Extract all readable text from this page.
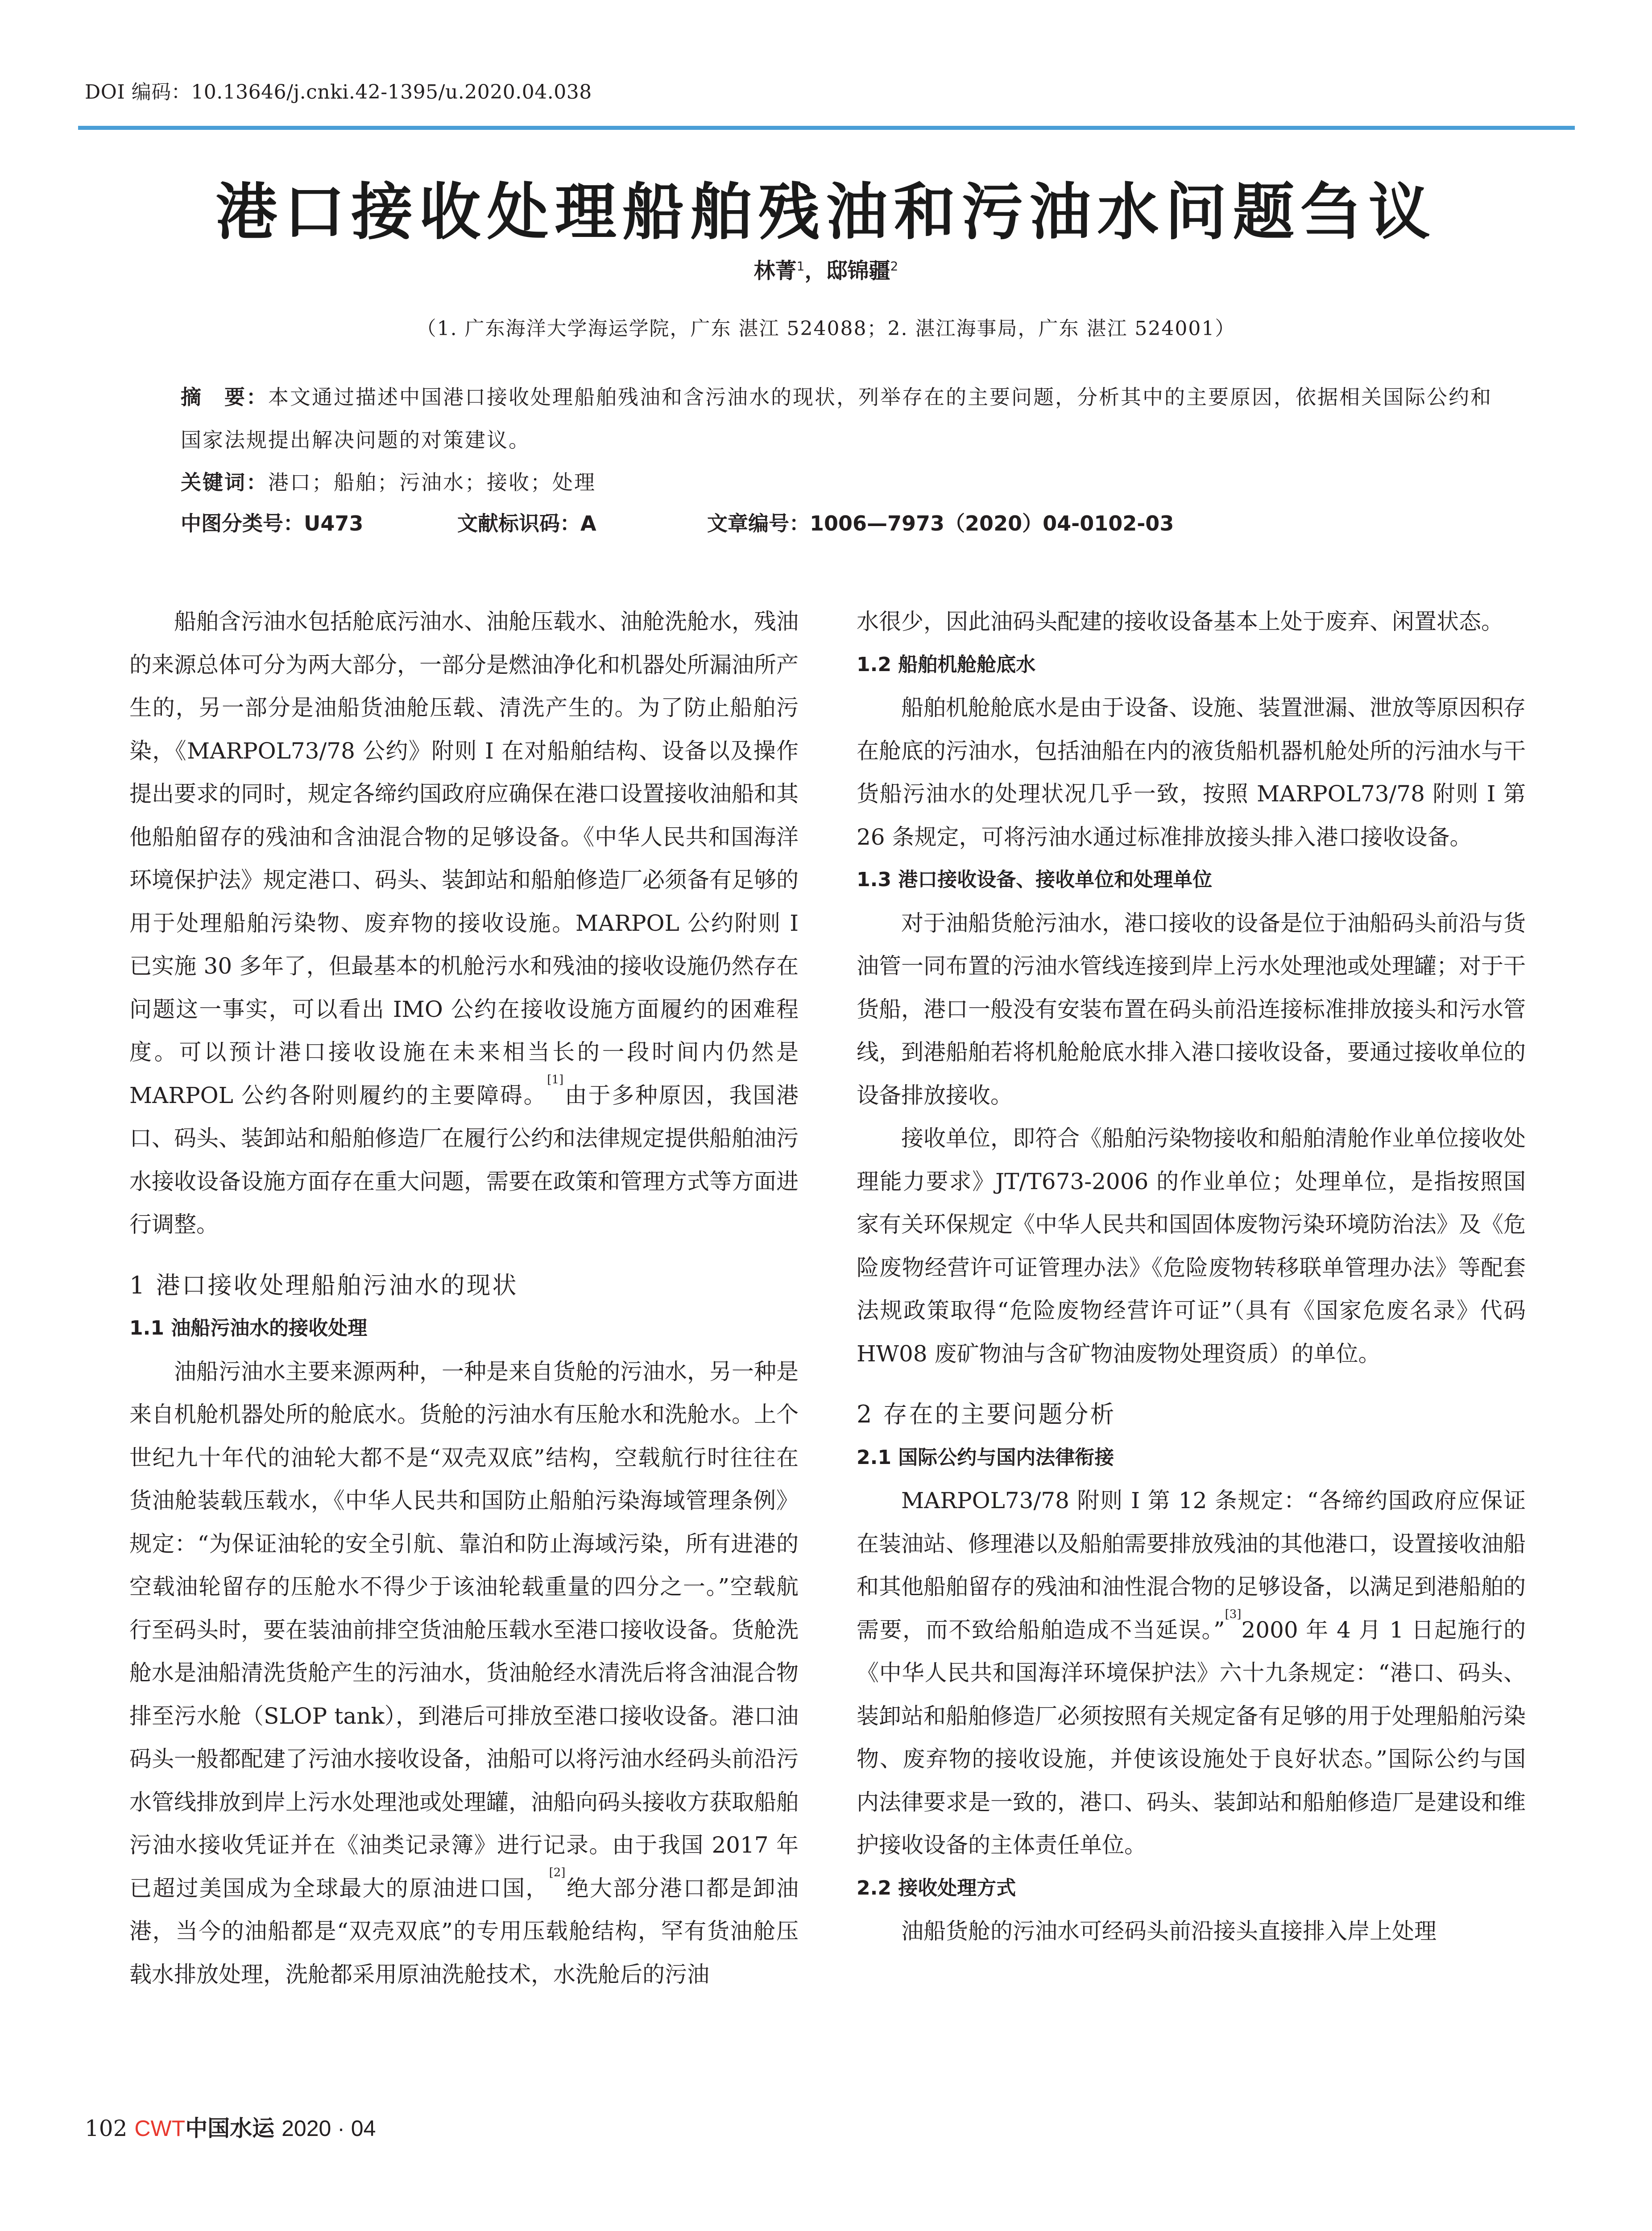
DOI 编码：10.13646/j.cnki.42-1395/u.2020.04.038
港口接收处理船舶残油和污油水问题刍议
林菁$^1$，邸锦疆$^2$
（1. 广东海洋大学海运学院，广东 湛江 524088；2. 湛江海事局，广东 湛江 524001）
摘　要：本文通过描述中国港口接收处理船舶残油和含污油水的现状，列举存在的主要问题，分析其中的主要原因，依据相关国际公约和国家法规提出解决问题的对策建议。
关键词：港口；船舶；污油水；接收；处理
中图分类号：U473	文献标识码：A	文章编号：1006—7973（2020）04-0102-03

船舶含污油水包括舱底污油水、油舱压载水、油舱洗舱水，残油的来源总体可分为两大部分，一部分是燃油净化和机器处所漏油所产生的，另一部分是油船货油舱压载、清洗产生的。为了防止船舶污染，《MARPOL73/78 公约》附则 I 在对船舶结构、设备以及操作提出要求的同时，规定各缔约国政府应确保在港口设置接收油船和其他船舶留存的残油和含油混合物的足够设备。《中华人民共和国海洋环境保护法》规定港口、码头、装卸站和船舶修造厂必须备有足够的用于处理船舶污染物、废弃物的接收设施。MARPOL 公约附则 I 已实施 30 多年了，但最基本的机舱污水和残油的接收设施仍然存在问题这一事实，可以看出 IMO 公约在接收设施方面履约的困难程度。可以预计港口接收设施在未来相当长的一段时间内仍然是 MARPOL 公约各附则履约的主要障碍。[1]由于多种原因，我国港口、码头、装卸站和船舶修造厂在履行公约和法律规定提供船舶油污水接收设备设施方面存在重大问题，需要在政策和管理方式等方面进行调整。

1 港口接收处理船舶污油水的现状

1.1 油船污油水的接收处理

油船污油水主要来源两种，一种是来自货舱的污油水，另一种是来自机舱机器处所的舱底水。货舱的污油水有压舱水和洗舱水。上个世纪九十年代的油轮大都不是“双壳双底”结构，空载航行时往往在货油舱装载压载水，《中华人民共和国防止船舶污染海域管理条例》规定：“为保证油轮的安全引航、靠泊和防止海域污染，所有进港的空载油轮留存的压舱水不得少于该油轮载重量的四分之一。”空载航行至码头时，要在装油前排空货油舱压载水至港口接收设备。货舱洗舱水是油船清洗货舱产生的污油水，货油舱经水清洗后将含油混合物排至污水舱（SLOP tank），到港后可排放至港口接收设备。港口油码头一般都配建了污油水接收设备，油船可以将污油水经码头前沿污水管线排放到岸上污水处理池或处理罐，油船向码头接收方获取船舶污油水接收凭证并在《油类记录簿》进行记录。由于我国 2017 年已超过美国成为全球最大的原油进口国，[2]绝大部分港口都是卸油港，当今的油船都是“双壳双底”的专用压载舱结构，罕有货油舱压载水排放处理，洗舱都采用原油洗舱技术，水洗舱后的污油

水很少，因此油码头配建的接收设备基本上处于废弃、闲置状态。

1.2 船舶机舱舱底水

船舶机舱舱底水是由于设备、设施、装置泄漏、泄放等原因积存在舱底的污油水，包括油船在内的液货船机器机舱处所的污油水与干货船污油水的处理状况几乎一致，按照 MARPOL73/78 附则 I 第 26 条规定，可将污油水通过标准排放接头排入港口接收设备。

1.3 港口接收设备、接收单位和处理单位

对于油船货舱污油水，港口接收的设备是位于油船码头前沿与货油管一同布置的污油水管线连接到岸上污水处理池或处理罐；对于干货船，港口一般没有安装布置在码头前沿连接标准排放接头和污水管线，到港船舶若将机舱舱底水排入港口接收设备，要通过接收单位的设备排放接收。

接收单位，即符合《船舶污染物接收和船舶清舱作业单位接收处理能力要求》JT/T673-2006 的作业单位；处理单位，是指按照国家有关环保规定《中华人民共和国固体废物污染环境防治法》及《危险废物经营许可证管理办法》《危险废物转移联单管理办法》等配套法规政策取得“危险废物经营许可证”（具有《国家危废名录》代码 HW08 废矿物油与含矿物油废物处理资质）的单位。

2 存在的主要问题分析

2.1 国际公约与国内法律衔接

MARPOL73/78 附则 I 第 12 条规定：“各缔约国政府应保证在装油站、修理港以及船舶需要排放残油的其他港口，设置接收油船和其他船舶留存的残油和油性混合物的足够设备，以满足到港船舶的需要，而不致给船舶造成不当延误。”[3]2000 年 4 月 1 日起施行的《中华人民共和国海洋环境保护法》六十九条规定：“港口、码头、装卸站和船舶修造厂必须按照有关规定备有足够的用于处理船舶污染物、废弃物的接收设施，并使该设施处于良好状态。”国际公约与国内法律要求是一致的，港口、码头、装卸站和船舶修造厂是建设和维护接收设备的主体责任单位。

2.2 接收处理方式

油船货舱的污油水可经码头前沿接头直接排入岸上处理

102 CWT中国水运 2020 · 04
